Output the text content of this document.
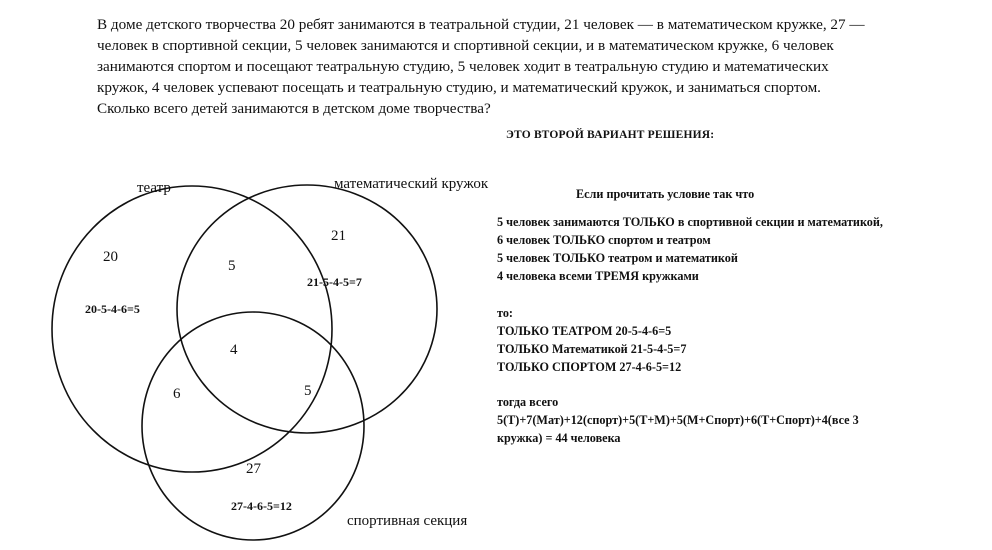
В доме детского творчества 20 ребят занимаются в театральной студии, 21 человек — в математическом кружке, 27 —
человек в спортивной секции, 5 человек занимаются и спортивной секции, и в математическом кружке, 6 человек
занимаются спортом и посещают театральную студию, 5 человек ходит в театральную студию и математических
кружок, 4 человек успевают посещать и театральную студию, и математический кружок, и заниматься спортом.
Сколько всего детей занимаются в детском доме творчества?
ЭТО ВТОРОЙ ВАРИАНТ РЕШЕНИЯ:
театр	математический кружок
спортивная секция
20
20-5-4-6=5
21
21-5-4-5=7
5
4
6	5
27
27-4-6-5=12
Если прочитать условие так что
5 человек занимаются ТОЛЬКО в спортивной секции и математикой,
6 человек ТОЛЬКО спортом и театром
5 человек ТОЛЬКО театром и математикой
4 человека всеми ТРЕМЯ кружками
то:
ТОЛЬКО ТЕАТРОМ 20-5-4-6=5
ТОЛЬКО Математикой 21-5-4-5=7
ТОЛЬКО СПОРТОМ 27-4-6-5=12
тогда всего
5(Т)+7(Мат)+12(спорт)+5(Т+М)+5(М+Спорт)+6(Т+Спорт)+4(все 3
кружка) = 44 человека
